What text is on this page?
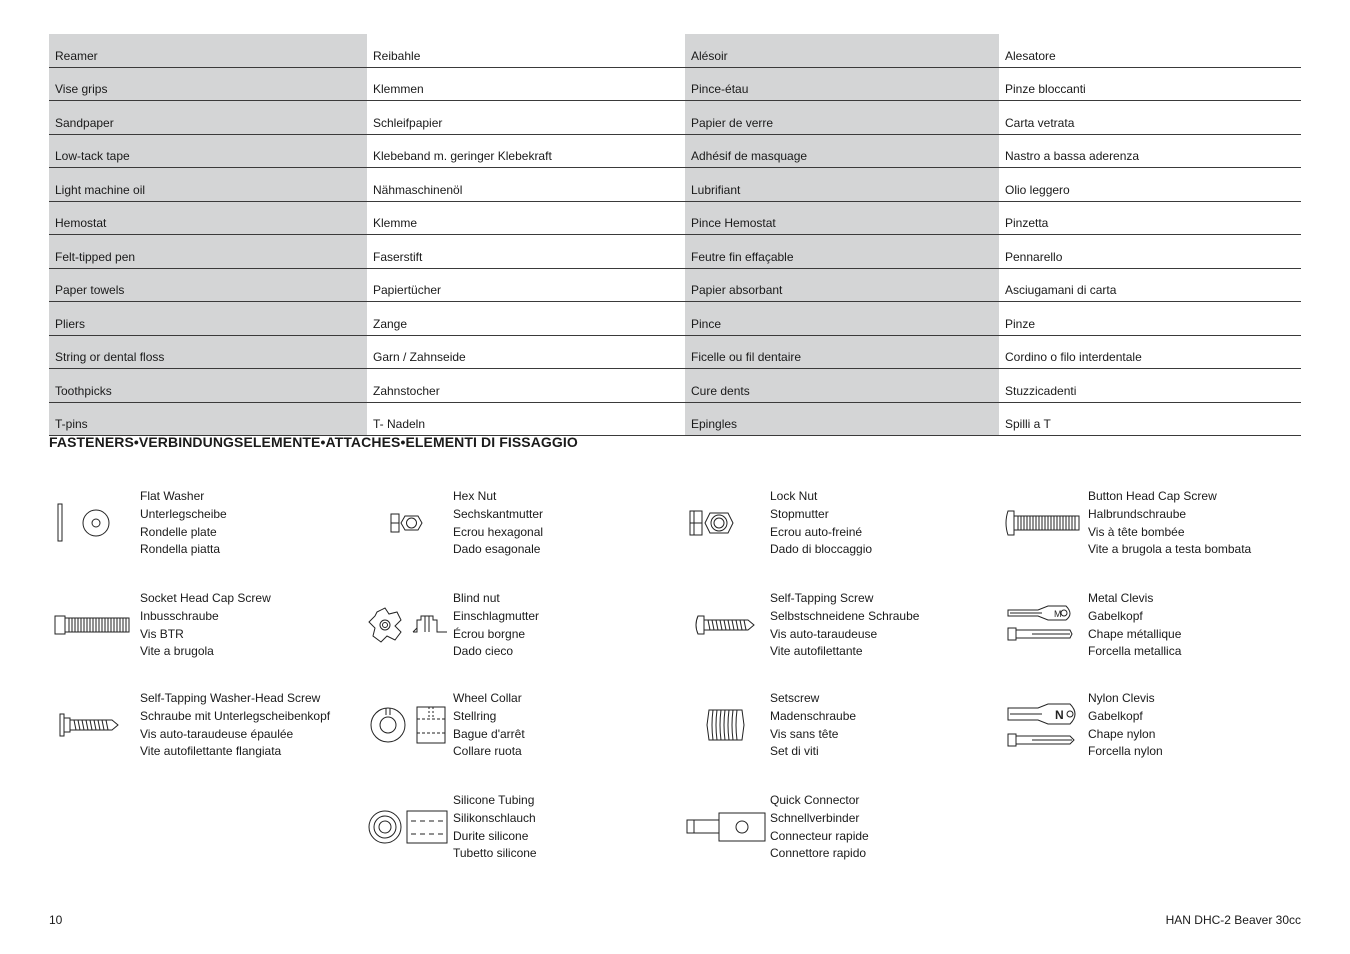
Reamer	Reibahle	Alésoir	Alesatore
Vise grips	Klemmen	Pince-étau	Pinze bloccanti
Sandpaper	Schleifpapier	Papier de verre	Carta vetrata
Low-tack tape	Klebeband m. geringer Klebekraft	Adhésif de masquage	Nastro a bassa aderenza
Light machine oil	Nähmaschinenöl	Lubrifiant	Olio leggero
Hemostat	Klemme	Pince Hemostat	Pinzetta
Felt-tipped pen	Faserstift	Feutre fin effaçable	Pennarello
Paper towels	Papiertücher	Papier absorbant	Asciugamani di carta
Pliers	Zange	Pince	Pinze
String or dental floss	Garn / Zahnseide	Ficelle ou fil dentaire	Cordino o filo interdentale
Toothpicks	Zahnstocher	Cure dents	Stuzzicadenti
T-pins	T- Nadeln	Epingles	Spilli a T
FASTENERS•VERBINDUNGSELEMENTE•ATTACHES•ELEMENTI DI FISSAGGIO
Flat Washer
Unterlegscheibe
Rondelle plate
Rondella piatta
Hex Nut
Sechskantmutter
Ecrou hexagonal
Dado esagonale
Lock Nut
Stopmutter
Ecrou auto-freiné
Dado di bloccaggio
Button Head Cap Screw
Halbrundschraube
Vis à tête bombée
Vite a brugola a testa bombata
Socket Head Cap Screw
Inbusschraube
Vis BTR
Vite a brugola
Blind nut
Einschlagmutter
Écrou borgne
Dado cieco
Self-Tapping Screw
Selbstschneidene Schraube
Vis auto-taraudeuse
Vite autofilettante
M
Metal Clevis
Gabelkopf
Chape métallique
Forcella metallica
Self-Tapping Washer-Head Screw
Schraube mit Unterlegscheibenkopf
Vis auto-taraudeuse épaulée
Vite autofilettante flangiata
Wheel Collar
Stellring
Bague d'arrêt
Collare ruota
Setscrew
Madenschraube
Vis sans tête
Set di viti
N
Nylon Clevis
Gabelkopf
Chape nylon
Forcella nylon
Silicone Tubing
Silikonschlauch
Durite silicone
Tubetto silicone
Quick Connector
Schnellverbinder
Connecteur rapide
Connettore rapido
10	HAN DHC-2 Beaver 30cc
